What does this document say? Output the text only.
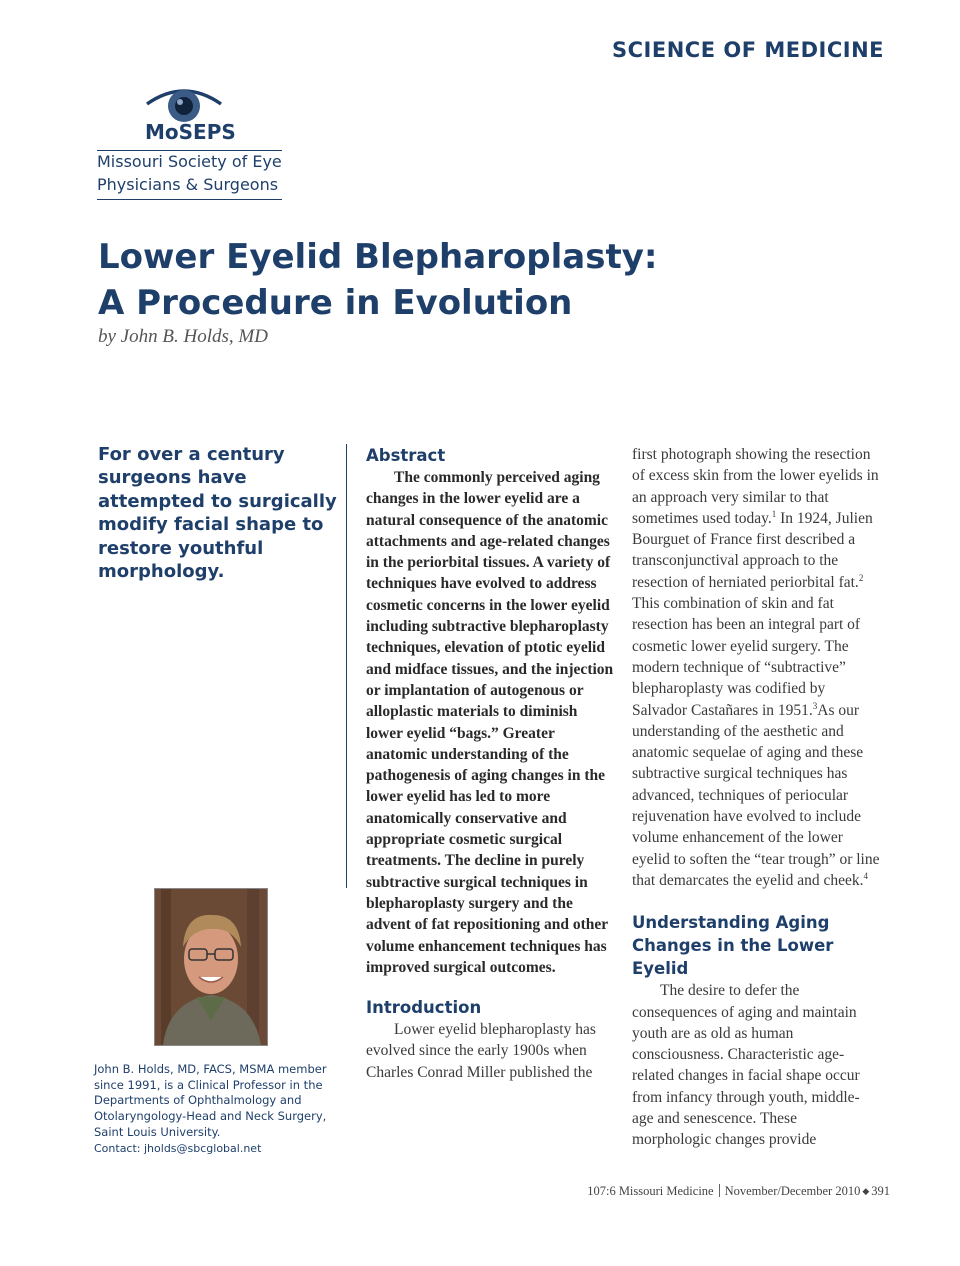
SCIENCE OF MEDICINE
MoSEPS
Missouri Society of Eye
Physicians & Surgeons
Lower Eyelid Blepharoplasty:
A Procedure in Evolution
by John B. Holds, MD
For over a century surgeons have attempted to surgically modify facial shape to restore youthful morphology.
John B. Holds, MD, FACS, MSMA member since 1991, is a Clinical Professor in the Departments of Ophthalmology and Otolaryngology-Head and Neck Surgery, Saint Louis University.
Contact: jholds@sbcglobal.net
Abstract

The commonly perceived aging changes in the lower eyelid are a natural consequence of the anatomic attachments and age-related changes in the periorbital tissues. A variety of techniques have evolved to address cosmetic concerns in the lower eyelid including subtractive blepharoplasty techniques, elevation of ptotic eyelid and midface tissues, and the injection or implantation of autogenous or alloplastic materials to diminish lower eyelid “bags.” Greater anatomic understanding of the pathogenesis of aging changes in the lower eyelid has led to more anatomically conservative and appropriate cosmetic surgical treatments. The decline in purely subtractive surgical techniques in blepharoplasty surgery and the advent of fat repositioning and other volume enhancement techniques has improved surgical outcomes.

Introduction

Lower eyelid blepharoplasty has evolved since the early 1900s when Charles Conrad Miller published the

first photograph showing the resection of excess skin from the lower eyelids in an approach very similar to that sometimes used today.$^1$ In 1924, Julien Bourguet of France first described a transconjunctival approach to the resection of herniated periorbital fat.$^2$ This combination of skin and fat resection has been an integral part of cosmetic lower eyelid surgery. The modern technique of “subtractive” blepharoplasty was codified by Salvador Castañares in 1951.$^3$As our understanding of the aesthetic and anatomic sequelae of aging and these subtractive surgical techniques has advanced, techniques of periocular rejuvenation have evolved to include volume enhancement of the lower eyelid to soften the “tear trough” or line that demarcates the eyelid and cheek.$^4$

Understanding Aging
Changes in the Lower Eyelid

The desire to defer the consequences of aging and maintain youth are as old as human consciousness. Characteristic age-related changes in facial shape occur from infancy through youth, middle-age and senescence. These morphologic changes provide

107:6 Missouri Medicine November/December 2010 ◆ 391
